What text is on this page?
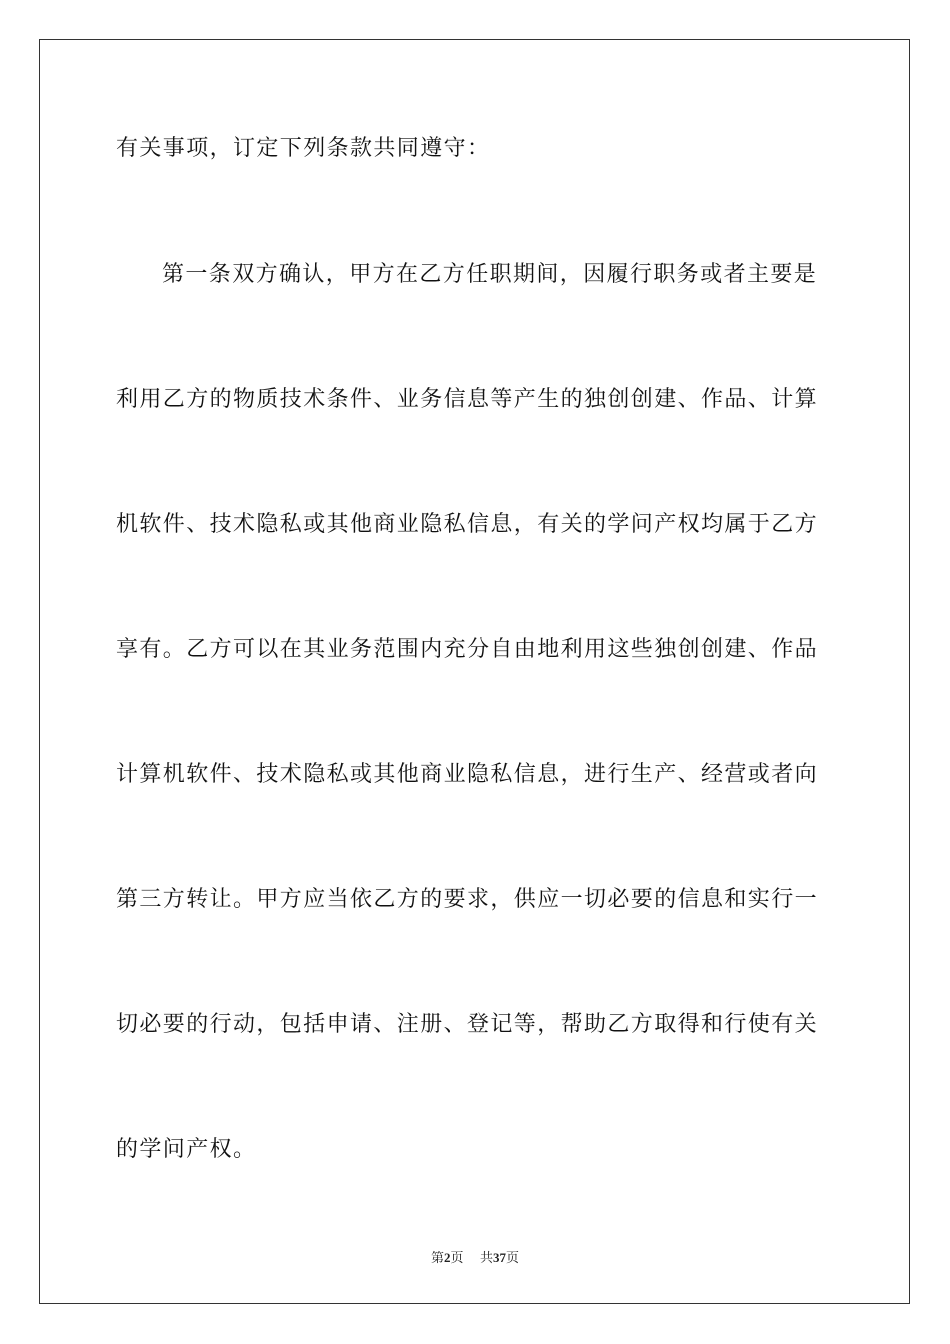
有关事项，订定下列条款共同遵守：
第一条双方确认，甲方在乙方任职期间，因履行职务或者主要是
利用乙方的物质技术条件、业务信息等产生的独创创建、作品、计算
机软件、技术隐私或其他商业隐私信息，有关的学问产权均属于乙方
享有。乙方可以在其业务范围内充分自由地利用这些独创创建、作品
计算机软件、技术隐私或其他商业隐私信息，进行生产、经营或者向
第三方转让。甲方应当依乙方的要求，供应一切必要的信息和实行一
切必要的行动，包括申请、注册、登记等，帮助乙方取得和行使有关
的学问产权。
第2页 共37页
